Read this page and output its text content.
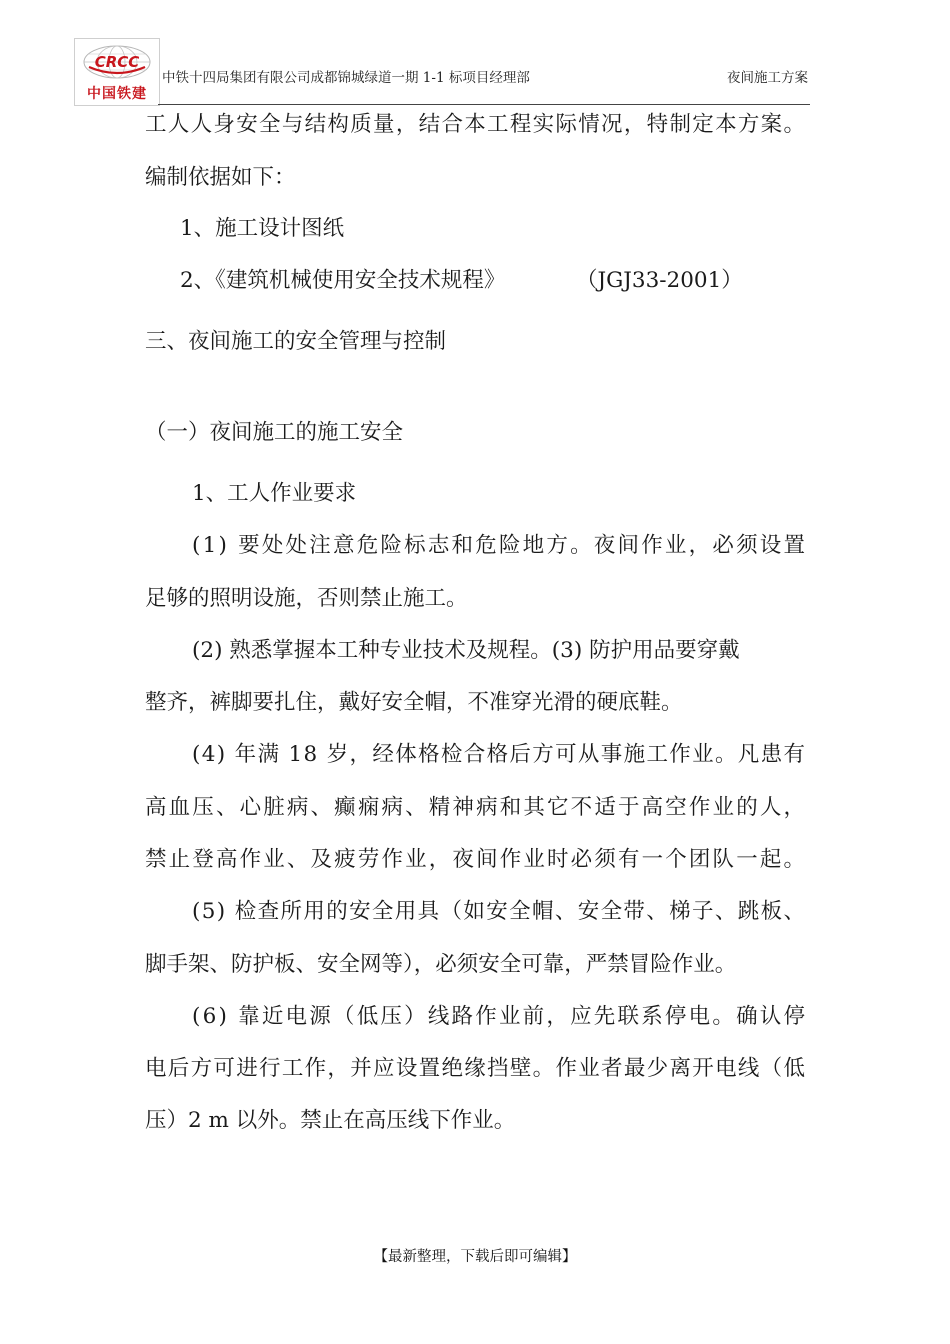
CRCC
中国铁建
中铁十四局集团有限公司成都锦城绿道一期 1-1 标项目经理部	夜间施工方案
工人人身安全与结构质量，结合本工程实际情况，特制定本方案。
编制依据如下：
1、施工设计图纸
2、《建筑机械使用安全技术规程》	（JGJ33-2001）
三、夜间施工的安全管理与控制
（一）夜间施工的施工安全
1、工人作业要求
(1) 要处处注意危险标志和危险地方。夜间作业，必须设置
足够的照明设施，否则禁止施工。
(2) 熟悉掌握本工种专业技术及规程。(3) 防护用品要穿戴
整齐，裤脚要扎住，戴好安全帽，不准穿光滑的硬底鞋。
(4) 年满 18 岁，经体格检合格后方可从事施工作业。凡患有
高血压、心脏病、癫痫病、精神病和其它不适于高空作业的人，
禁止登高作业、及疲劳作业，夜间作业时必须有一个团队一起。
(5) 检查所用的安全用具（如安全帽、安全带、梯子、跳板、
脚手架、防护板、安全网等），必须安全可靠，严禁冒险作业。
(6) 靠近电源（低压）线路作业前，应先联系停电。确认停
电后方可进行工作，并应设置绝缘挡壁。作业者最少离开电线（低
压）2 m 以外。禁止在高压线下作业。
【最新整理，下载后即可编辑】
